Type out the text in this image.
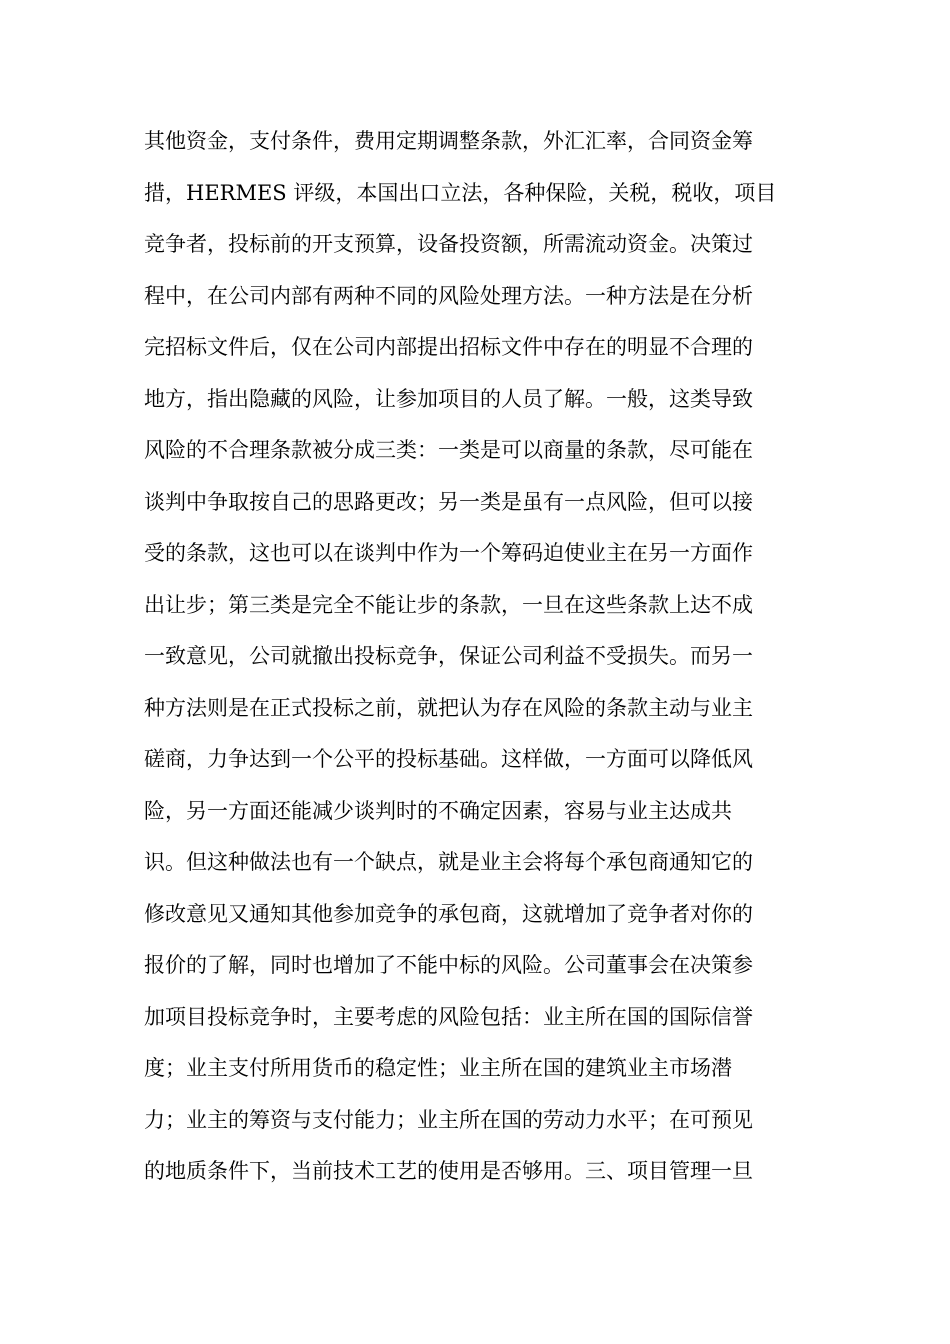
其他资金，支付条件，费用定期调整条款，外汇汇率，合同资金筹
措，HERMES 评级，本国出口立法，各种保险，关税，税收，项目
竞争者，投标前的开支预算，设备投资额，所需流动资金。决策过
程中，在公司内部有两种不同的风险处理方法。一种方法是在分析
完招标文件后，仅在公司内部提出招标文件中存在的明显不合理的
地方，指出隐藏的风险，让参加项目的人员了解。一般，这类导致
风险的不合理条款被分成三类：一类是可以商量的条款，尽可能在
谈判中争取按自己的思路更改；另一类是虽有一点风险，但可以接
受的条款，这也可以在谈判中作为一个筹码迫使业主在另一方面作
出让步；第三类是完全不能让步的条款，一旦在这些条款上达不成
一致意见，公司就撤出投标竞争，保证公司利益不受损失。而另一
种方法则是在正式投标之前，就把认为存在风险的条款主动与业主
磋商，力争达到一个公平的投标基础。这样做，一方面可以降低风
险，另一方面还能减少谈判时的不确定因素，容易与业主达成共
识。但这种做法也有一个缺点，就是业主会将每个承包商通知它的
修改意见又通知其他参加竞争的承包商，这就增加了竞争者对你的
报价的了解，同时也增加了不能中标的风险。公司董事会在决策参
加项目投标竞争时，主要考虑的风险包括：业主所在国的国际信誉
度；业主支付所用货币的稳定性；业主所在国的建筑业主市场潜
力；业主的筹资与支付能力；业主所在国的劳动力水平；在可预见
的地质条件下，当前技术工艺的使用是否够用。三、项目管理一旦
